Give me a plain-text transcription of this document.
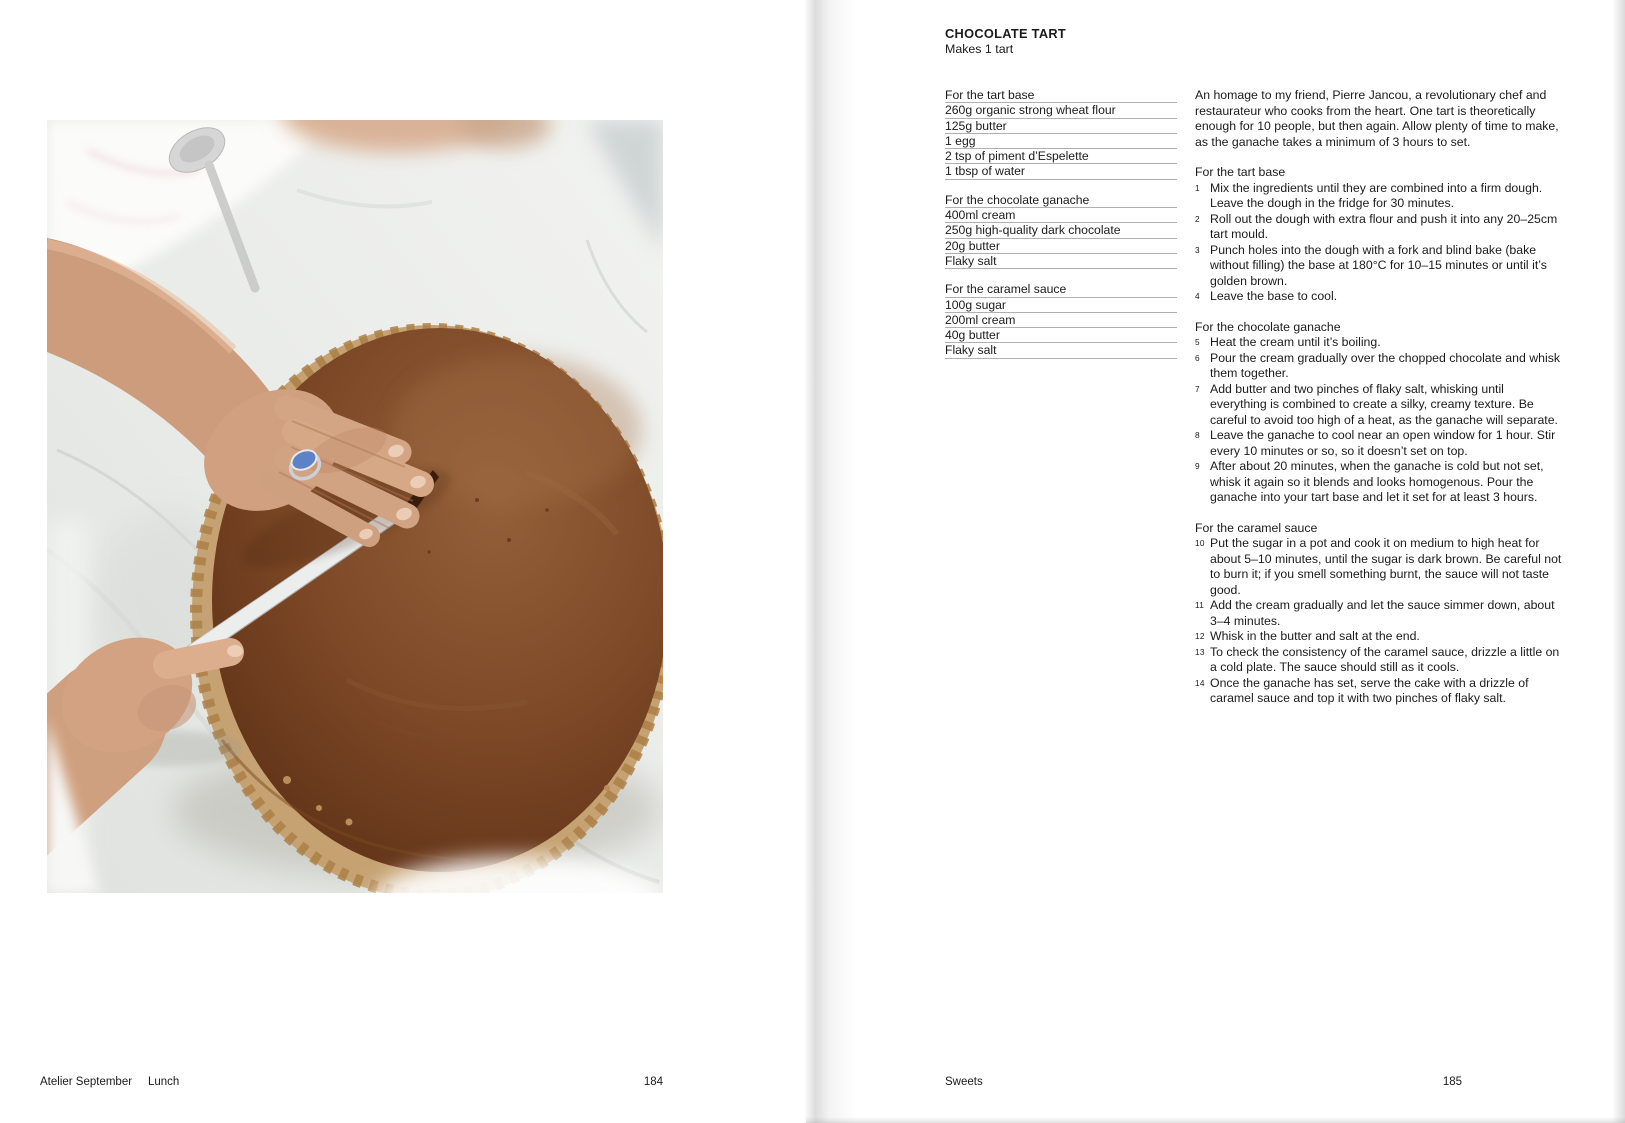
Atelier September Lunch	184
CHOCOLATE TART
Makes 1 tart
For the tart base
260g organic strong wheat flour
125g butter
1 egg
2 tsp of piment d’Espelette
1 tbsp of water
For the chocolate ganache
400ml cream
250g high-quality dark chocolate
20g butter
Flaky salt
For the caramel sauce
100g sugar
200ml cream
40g butter
Flaky salt

An homage to my friend, Pierre Jancou, a revolutionary chef and restaurateur who cooks from the heart. One tart is theoretically enough for 10 people, but then again. Allow plenty of time to make, as the ganache takes a minimum of 3 hours to set.

For the tart base

1 Mix the ingredients until they are combined into a firm dough. Leave the dough in the fridge for 30 minutes.
2 Roll out the dough with extra flour and push it into any 20–25cm tart mould.
3 Punch holes into the dough with a fork and blind bake (bake without filling) the base at 180°C for 10–15 minutes or until it’s golden brown.
4 Leave the base to cool.

For the chocolate ganache

5 Heat the cream until it’s boiling.
6 Pour the cream gradually over the chopped chocolate and whisk them together.
7 Add butter and two pinches of flaky salt, whisking until everything is combined to create a silky, creamy texture. Be careful to avoid too high of a heat, as the ganache will separate.
8 Leave the ganache to cool near an open window for 1 hour. Stir every 10 minutes or so, so it doesn’t set on top.
9 After about 20 minutes, when the ganache is cold but not set, whisk it again so it blends and looks homogenous. Pour the ganache into your tart base and let it set for at least 3 hours.

For the caramel sauce

10 Put the sugar in a pot and cook it on medium to high heat for about 5–10 minutes, until the sugar is dark brown. Be careful not to burn it; if you smell something burnt, the sauce will not taste good.
11 Add the cream gradually and let the sauce simmer down, about 3–4 minutes.
12 Whisk in the butter and salt at the end.
13 To check the consistency of the caramel sauce, drizzle a little on a cold plate. The sauce should still as it cools.
14 Once the ganache has set, serve the cake with a drizzle of caramel sauce and top it with two pinches of flaky salt.
Sweets	185
